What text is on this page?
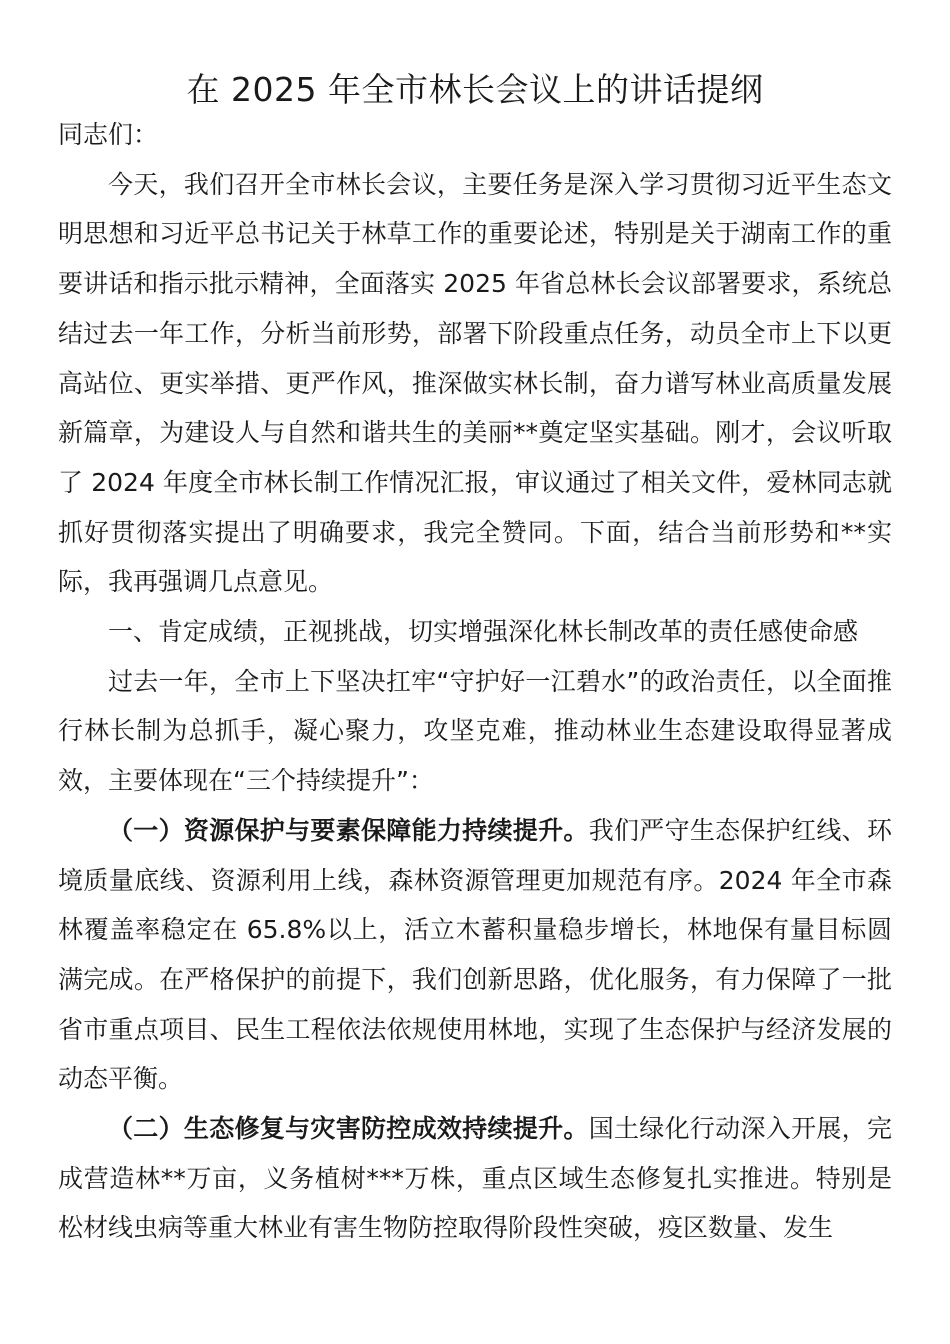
在 2025 年全市林长会议上的讲话提纲

同志们：

今天，我们召开全市林长会议，主要任务是深入学习贯彻习近平生态文明思想和习近平总书记关于林草工作的重要论述，特别是关于湖南工作的重要讲话和指示批示精神，全面落实 2025 年省总林长会议部署要求，系统总结过去一年工作，分析当前形势，部署下阶段重点任务，动员全市上下以更高站位、更实举措、更严作风，推深做实林长制，奋力谱写林业高质量发展新篇章，为建设人与自然和谐共生的美丽**奠定坚实基础。刚才，会议听取了 2024 年度全市林长制工作情况汇报，审议通过了相关文件，爱林同志就抓好贯彻落实提出了明确要求，我完全赞同。下面，结合当前形势和**实际，我再强调几点意见。

一、肯定成绩，正视挑战，切实增强深化林长制改革的责任感使命感

过去一年，全市上下坚决扛牢“守护好一江碧水”的政治责任，以全面推行林长制为总抓手，凝心聚力，攻坚克难，推动林业生态建设取得显著成效，主要体现在“三个持续提升”：

（一）资源保护与要素保障能力持续提升。我们严守生态保护红线、环境质量底线、资源利用上线，森林资源管理更加规范有序。2024 年全市森林覆盖率稳定在 65.8%以上，活立木蓄积量稳步增长，林地保有量目标圆满完成。在严格保护的前提下，我们创新思路，优化服务，有力保障了一批省市重点项目、民生工程依法依规使用林地，实现了生态保护与经济发展的动态平衡。

（二）生态修复与灾害防控成效持续提升。国土绿化行动深入开展，完成营造林**万亩，义务植树***万株，重点区域生态修复扎实推进。特别是松材线虫病等重大林业有害生物防控取得阶段性突破，疫区数量、发生
